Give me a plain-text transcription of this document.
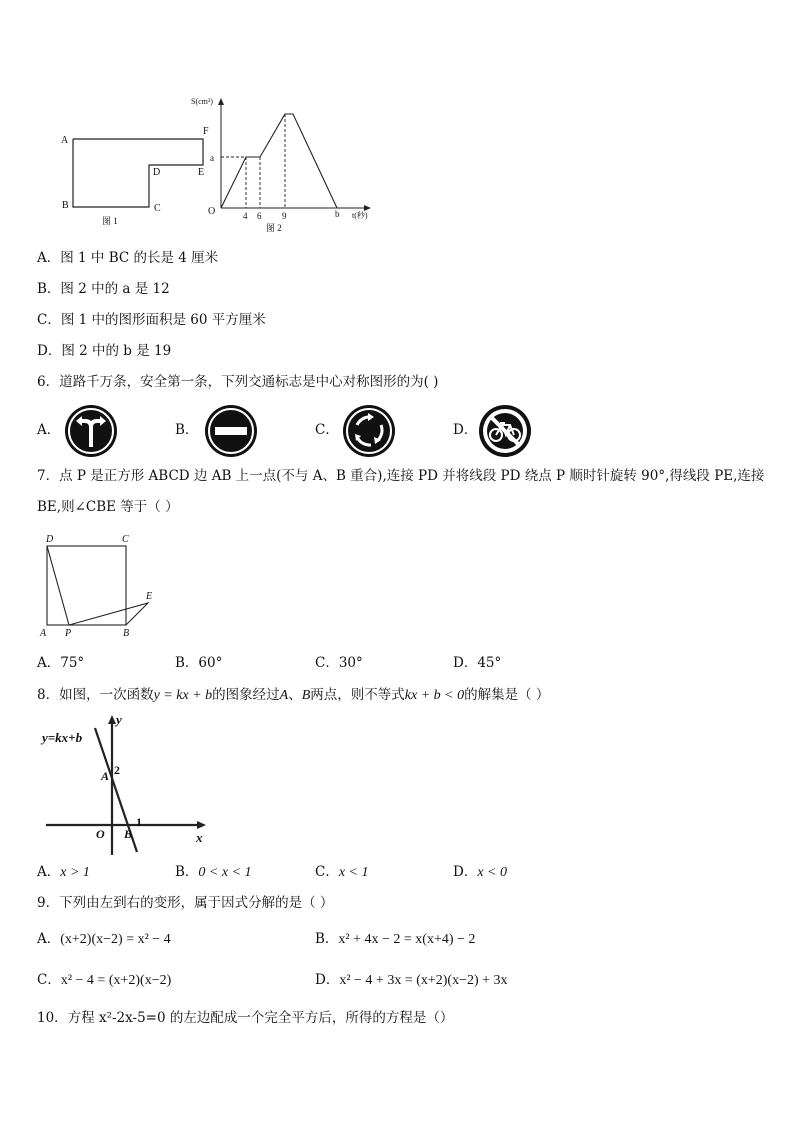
A
B	C
D	E
F
图 1
S(cm²)
t(秒)
O
a
4 6 9	b
图 2
A．图 1 中 BC 的长是 4 厘米
B．图 2 中的 a 是 12
C．图 1 中的图形面积是 60 平方厘米
D．图 2 中的 b 是 19
6．道路千万条，安全第一条，下列交通标志是中心对称图形的为( )
A．	B．	C．	D．
7．点 P 是正方形 ABCD 边 AB 上一点(不与 A、B 重合),连接 PD 并将线段 PD 绕点 P 顺时针旋转 90°,得线段 PE,连接
BE,则∠CBE 等于（ ）
D	C
A P	B
E
A．75°	B．60°	C．30°	D．45°
8．如图，一次函数y = kx + b的图象经过A、B两点，则不等式kx + b < 0的解集是（ ）
y=kx+b
y
x
O
A 2
B
1
A．x > 1	B．0 < x < 1	C．x < 1	D．x < 0
9．下列由左到右的变形，属于因式分解的是（ ）
A．(x+2)(x−2) = x² − 4	B．x² + 4x − 2 = x(x+4) − 2
C．x² − 4 = (x+2)(x−2)	D．x² − 4 + 3x = (x+2)(x−2) + 3x
10．方程 x²-2x-5=0 的左边配成一个完全平方后，所得的方程是（）
